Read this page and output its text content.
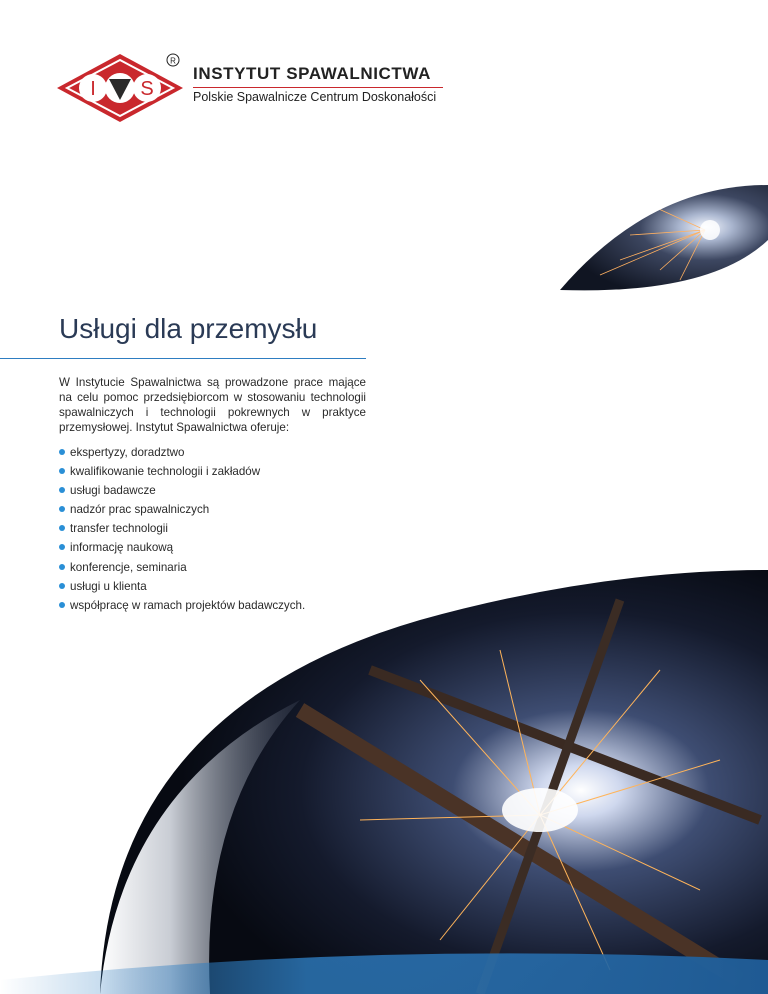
I S
R
INSTYTUT SPAWALNICTWA
Polskie Spawalnicze Centrum Doskonałości
Usługi dla przemysłu
W Instytucie Spawalnictwa są prowadzone prace mające na celu pomoc przedsiębiorcom w stosowaniu technologii spawalniczych i technologii pokrewnych w praktyce przemysłowej. Instytut Spawalnictwa oferuje:
ekspertyzy, doradztwo
kwalifikowanie technologii i zakładów
usługi badawcze
nadzór prac spawalniczych
transfer technologii
informację naukową
konferencje, seminaria
usługi u klienta
współpracę w ramach projektów badawczych.
